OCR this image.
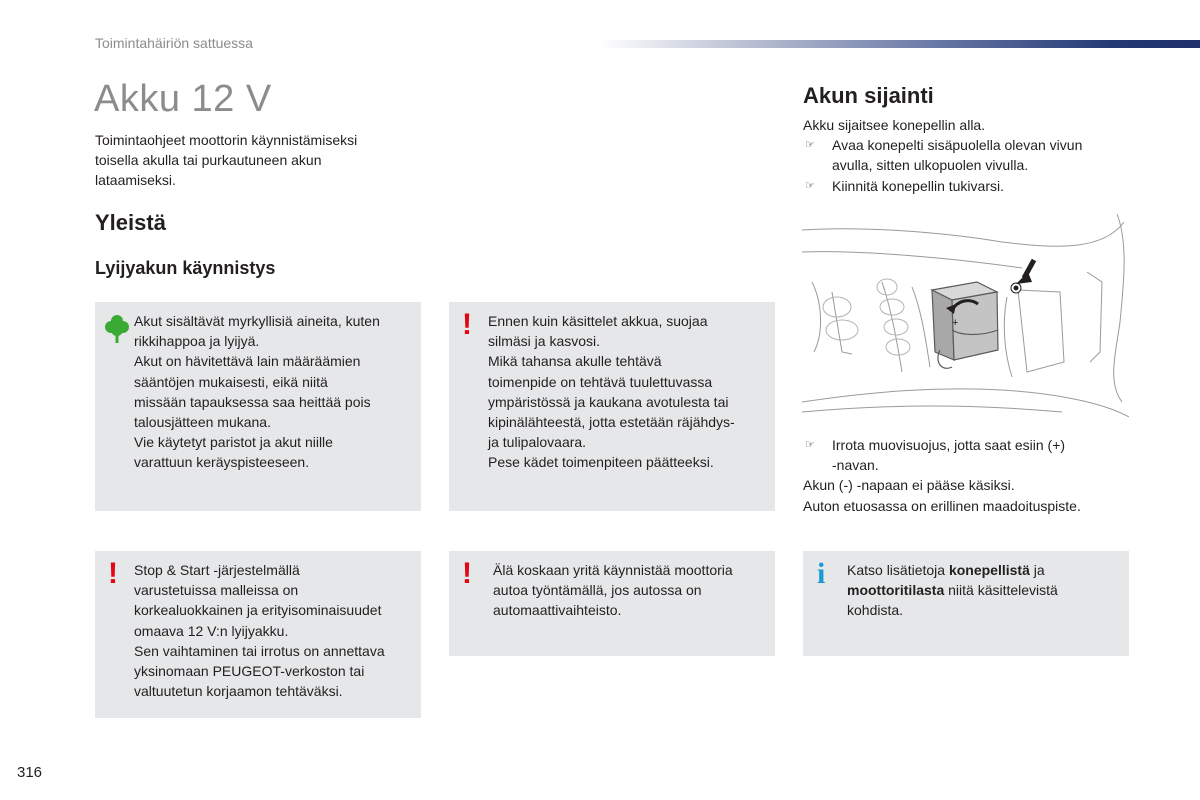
Toimintahäiriön sattuessa
Akku 12 V
Toimintaohjeet moottorin käynnistämiseksi
toisella akulla tai purkautuneen akun
lataamiseksi.
Yleistä
Lyijyakun käynnistys
Akut sisältävät myrkyllisiä aineita, kuten
rikkihappoa ja lyijyä.
Akut on hävitettävä lain määräämien
sääntöjen mukaisesti, eikä niitä
missään tapauksessa saa heittää pois
talousjätteen mukana.
Vie käytetyt paristot ja akut niille
varattuun keräyspisteeseen.
! Ennen kuin käsittelet akkua, suojaa
silmäsi ja kasvosi.
Mikä tahansa akulle tehtävä
toimenpide on tehtävä tuulettuvassa
ympäristössä ja kaukana avotulesta tai
kipinälähteestä, jotta estetään räjähdys-
ja tulipalovaara.
Pese kädet toimenpiteen päätteeksi.
! Stop & Start -järjestelmällä
varustetuissa malleissa on
korkealuokkainen ja erityisominaisuudet
omaava 12 V:n lyijyakku.
Sen vaihtaminen tai irrotus on annettava
yksinomaan PEUGEOT-verkoston tai
valtuutetun korjaamon tehtäväksi.
! Älä koskaan yritä käynnistää moottoria
autoa työntämällä, jos autossa on
automaattivaihteisto.
i Katso lisätietoja konepellistä ja
moottoritilasta niitä käsittelevistä
kohdista.
Akun sijainti
Akku sijaitsee konepellin alla.
☞ Avaa konepelti sisäpuolella olevan vivun
avulla, sitten ulkopuolen vivulla.
☞ Kiinnitä konepellin tukivarsi.
+
☞ Irrota muovisuojus, jotta saat esiin (+)
-navan.
Akun (-) -napaan ei pääse käsiksi.
Auton etuosassa on erillinen maadoituspiste.
316
